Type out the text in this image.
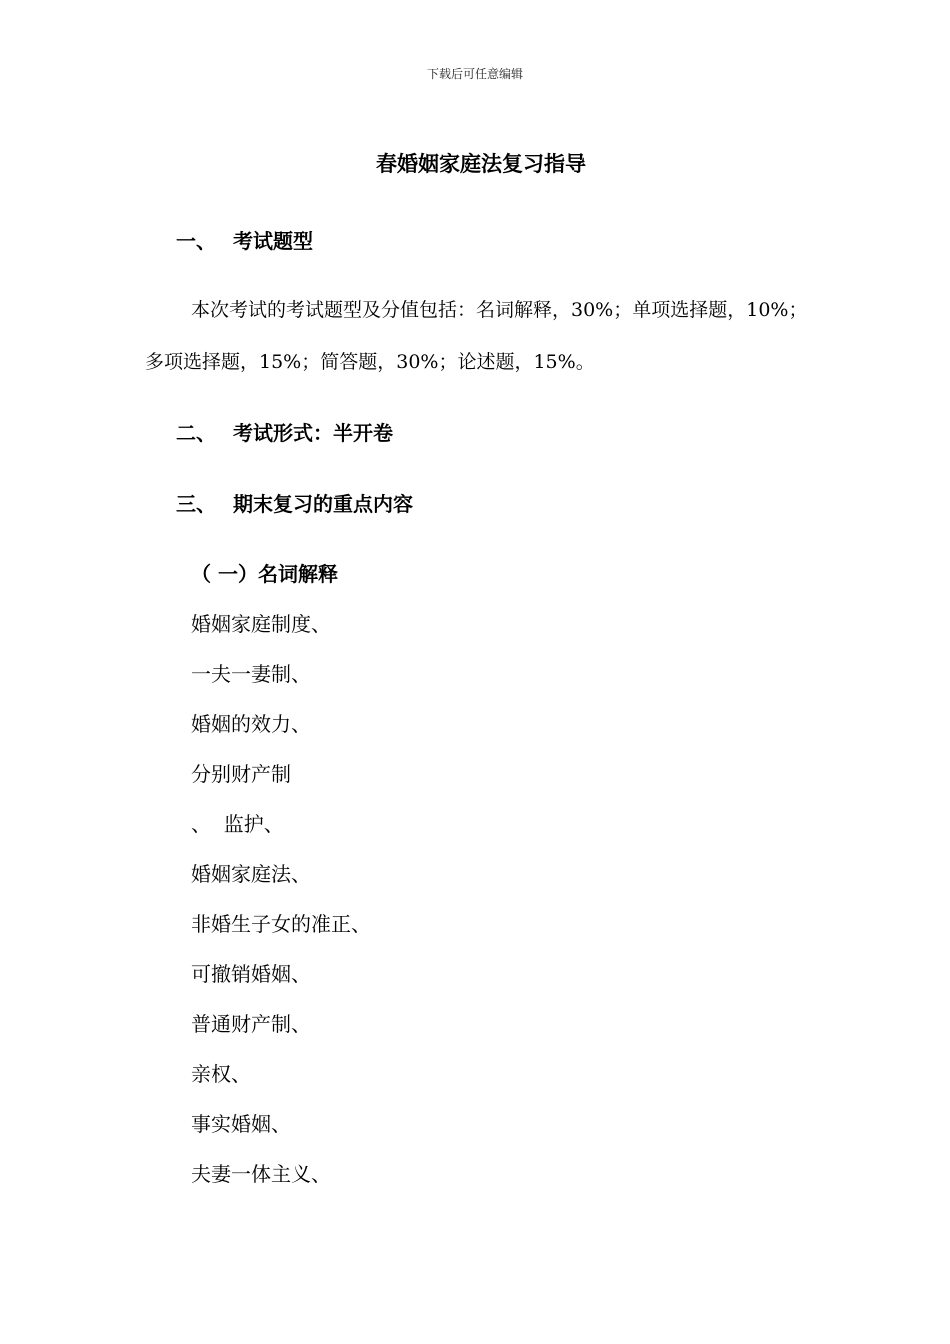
下载后可任意编辑
春婚姻家庭法复习指导
一、 考试题型

本次考试的考试题型及分值包括：名词解释，30%；单项选择题，10%；多项选择题，15%；简答题，30%；论述题，15%。

二、 考试形式：半开卷
三、 期末复习的重点内容
（ 一）名词解释
婚姻家庭制度、
一夫一妻制、
婚姻的效力、
分别财产制
、  监护、
婚姻家庭法、
非婚生子女的准正、
可撤销婚姻、
普通财产制、
亲权、
事实婚姻、
夫妻一体主义、
